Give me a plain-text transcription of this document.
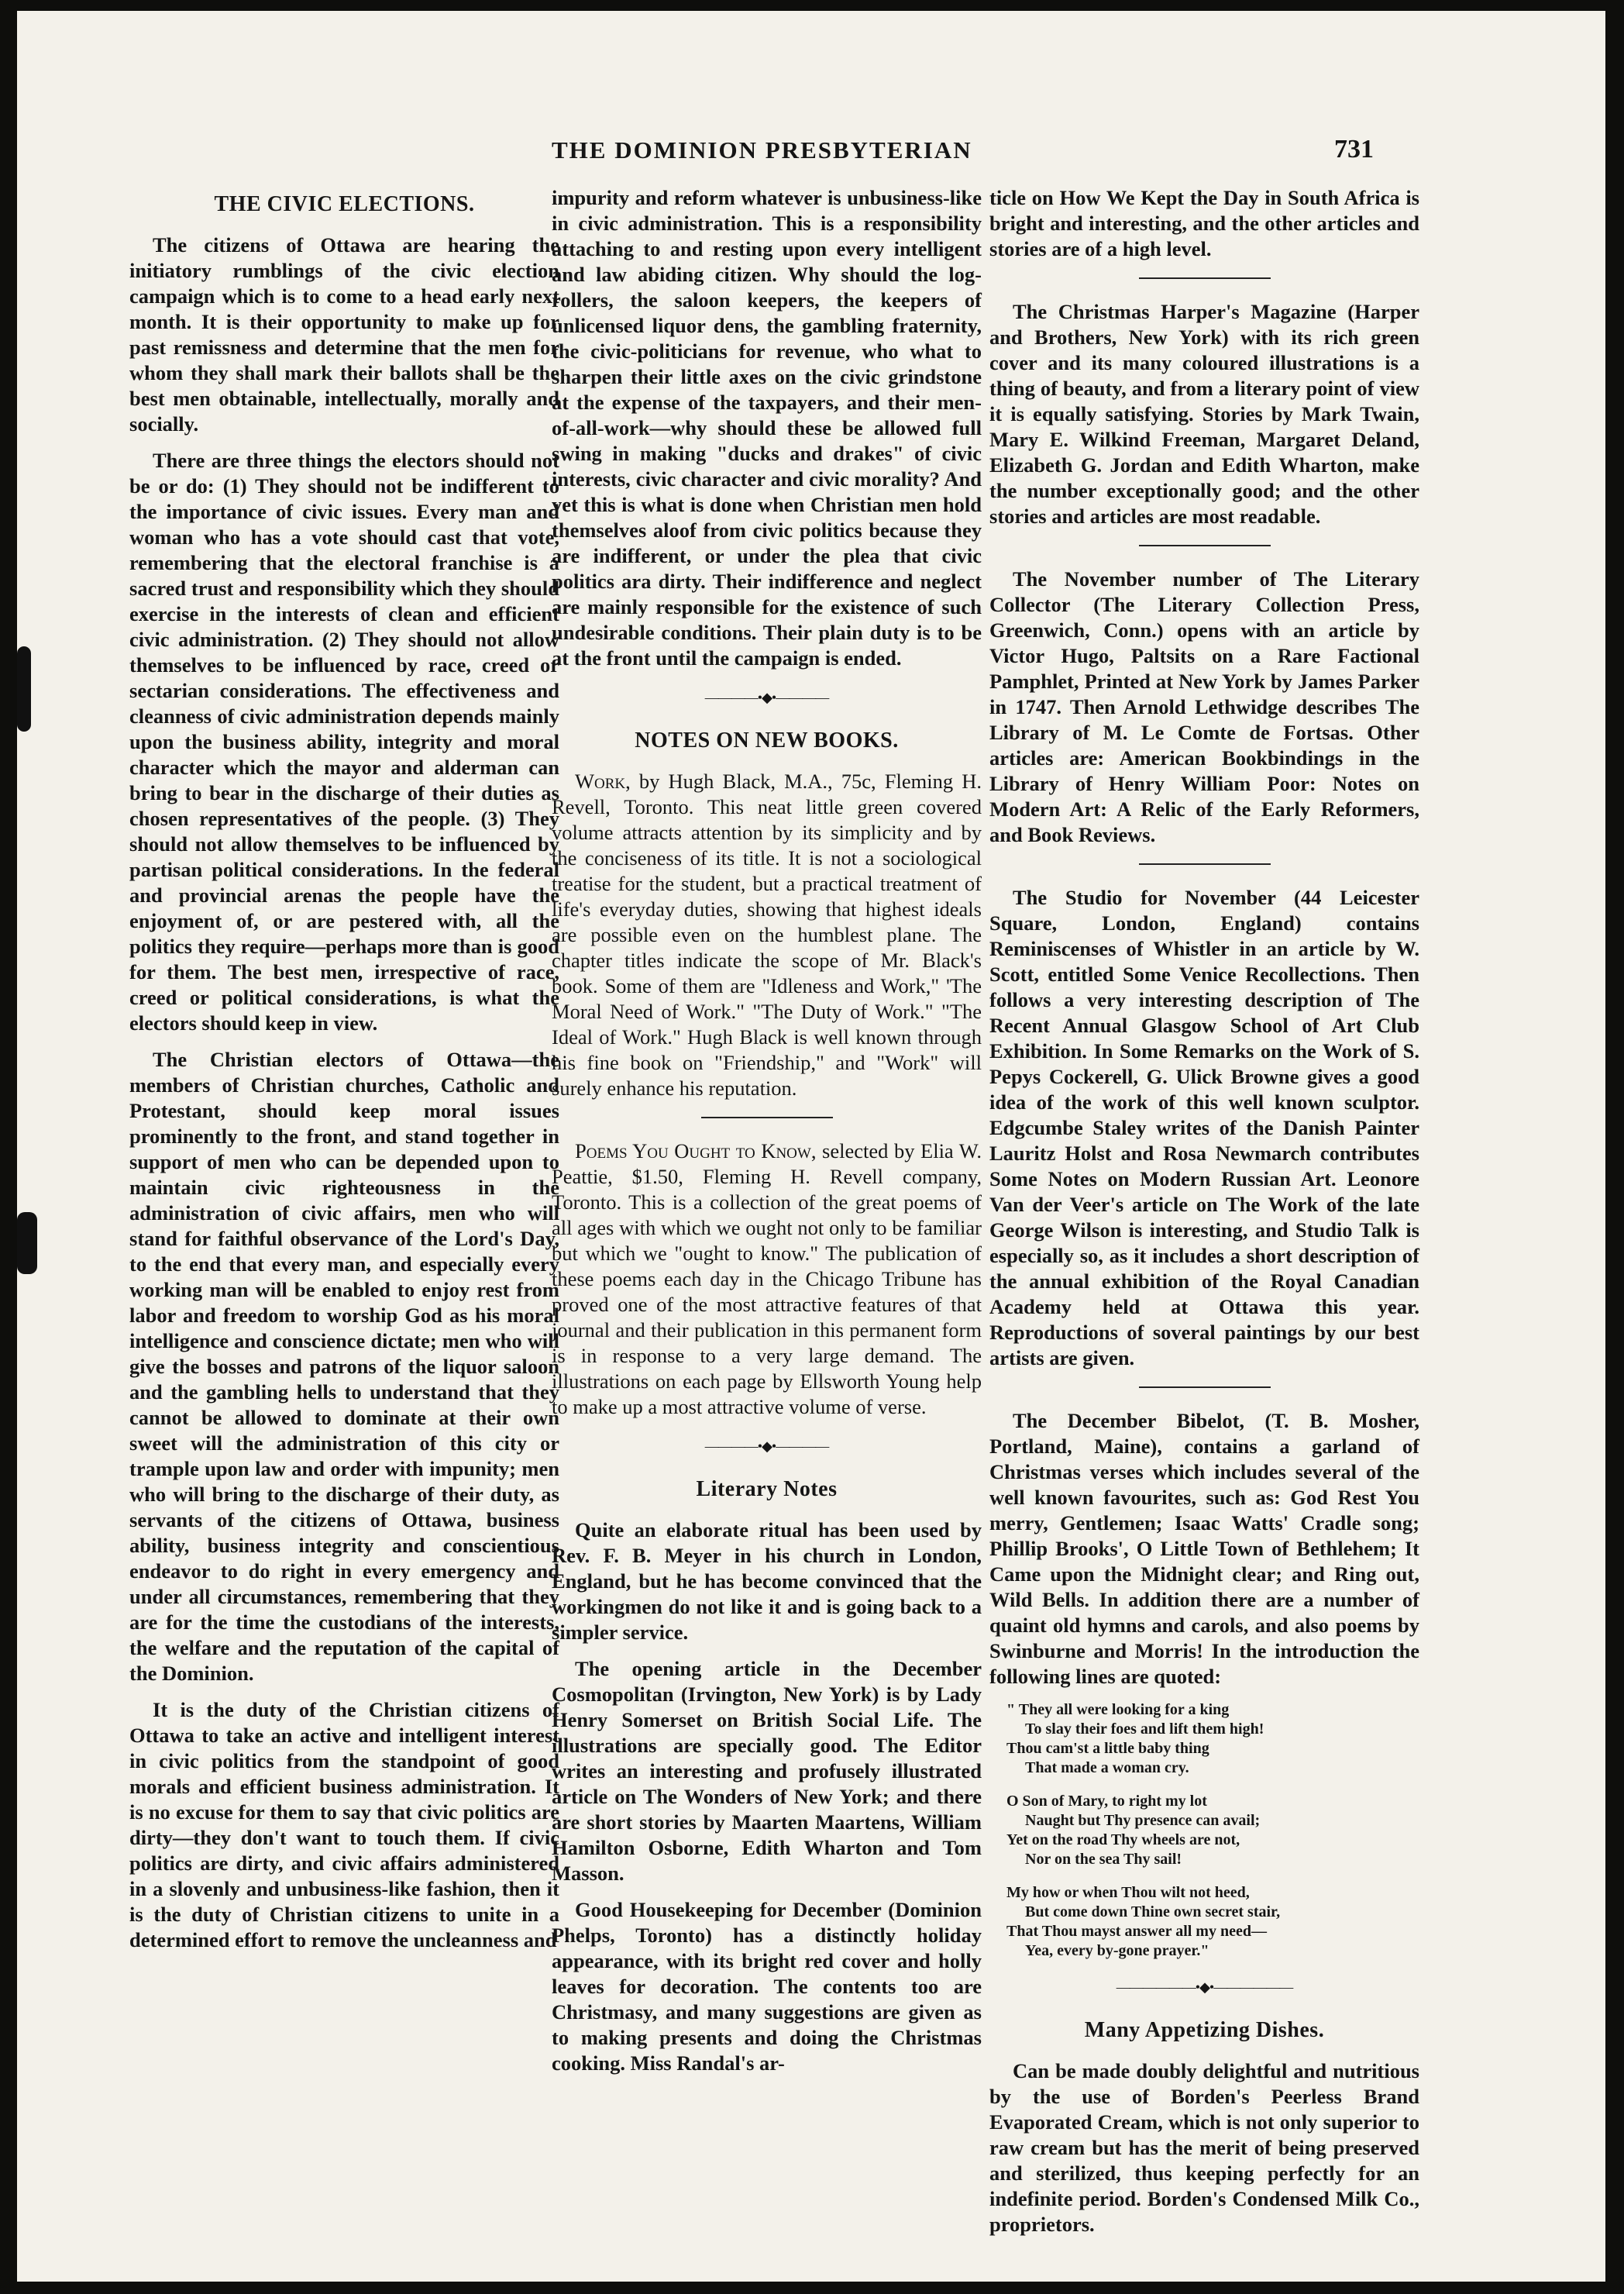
THE DOMINION PRESBYTERIAN	731
THE CIVIC ELECTIONS.

The citizens of Ottawa are hearing the initiatory rumblings of the civic election campaign which is to come to a head early next month. It is their opportunity to make up for past remissness and determine that the men for whom they shall mark their ballots shall be the best men obtainable, intellectually, morally and socially.

There are three things the electors should not be or do: (1) They should not be indifferent to the importance of civic issues. Every man and woman who has a vote should cast that vote, remembering that the electoral franchise is a sacred trust and responsibility which they should exercise in the interests of clean and efficient civic administration. (2) They should not allow themselves to be influenced by race, creed or sectarian considerations. The effectiveness and cleanness of civic administration depends mainly upon the business ability, integrity and moral character which the mayor and alderman can bring to bear in the discharge of their duties as chosen representatives of the people. (3) They should not allow themselves to be influenced by partisan political considerations. In the federal and provincial arenas the people have the enjoyment of, or are pestered with, all the politics they require—perhaps more than is good for them. The best men, irrespective of race, creed or political considerations, is what the electors should keep in view.

The Christian electors of Ottawa—the members of Christian churches, Catholic and Protestant, should keep moral issues prominently to the front, and stand together in support of men who can be depended upon to maintain civic righteousness in the administration of civic affairs, men who will stand for faithful observance of the Lord's Day, to the end that every man, and especially every working man will be enabled to enjoy rest from labor and freedom to worship God as his moral intelligence and conscience dictate; men who will give the bosses and patrons of the liquor saloon and the gambling hells to understand that they cannot be allowed to dominate at their own sweet will the administration of this city or trample upon law and order with impunity; men who will bring to the discharge of their duty, as servants of the citizens of Ottawa, business ability, business integrity and conscientious endeavor to do right in every emergency and under all circumstances, remembering that they are for the time the custodians of the interests, the welfare and the reputation of the capital of the Dominion.

It is the duty of the Christian citizens of Ottawa to take an active and intelligent interest in civic politics from the standpoint of good morals and efficient business administration. It is no excuse for them to say that civic politics are dirty—they don't want to touch them. If civic politics are dirty, and civic affairs administered in a slovenly and unbusiness-like fashion, then it is the duty of Christian citizens to unite in a determined effort to remove the uncleanness and

impurity and reform whatever is unbusiness-like in civic administration. This is a responsibility attaching to and resting upon every intelligent and law abiding citizen. Why should the log-rollers, the saloon keepers, the keepers of unlicensed liquor dens, the gambling fraternity, the civic-politicians for revenue, who what to sharpen their little axes on the civic grindstone at the expense of the taxpayers, and their men-of-all-work—why should these be allowed full swing in making "ducks and drakes" of civic interests, civic character and civic morality? And yet this is what is done when Christian men hold themselves aloof from civic politics because they are indifferent, or under the plea that civic politics ara dirty. Their indifference and neglect are mainly responsible for the existence of such undesirable conditions. Their plain duty is to be at the front until the campaign is ended.

————•◆•————
NOTES ON NEW BOOKS.

Work, by Hugh Black, M.A., 75c, Fleming H. Revell, Toronto. This neat little green covered volume attracts attention by its simplicity and by the conciseness of its title. It is not a sociological treatise for the student, but a practical treatment of life's everyday duties, showing that highest ideals are possible even on the humblest plane. The chapter titles indicate the scope of Mr. Black's book. Some of them are "Idleness and Work," 'The Moral Need of Work." "The Duty of Work." "The Ideal of Work." Hugh Black is well known through his fine book on "Friendship," and "Work" will surely enhance his reputation.

Poems You Ought to Know, selected by Elia W. Peattie, $1.50, Fleming H. Revell company, Toronto. This is a collection of the great poems of all ages with which we ought not only to be familiar but which we "ought to know." The publication of these poems each day in the Chicago Tribune has proved one of the most attractive features of that journal and their publication in this permanent form is in response to a very large demand. The illustrations on each page by Ellsworth Young help to make up a most attractive volume of verse.

————•◆•————
Literary Notes

Quite an elaborate ritual has been used by Rev. F. B. Meyer in his church in London, England, but he has become convinced that the workingmen do not like it and is going back to a simpler service.

The opening article in the December Cosmopolitan (Irvington, New York) is by Lady Henry Somerset on British Social Life. The illustrations are specially good. The Editor writes an interesting and profusely illustrated article on The Wonders of New York; and there are short stories by Maarten Maartens, William Hamilton Osborne, Edith Wharton and Tom Masson.

Good Housekeeping for December (Dominion Phelps, Toronto) has a distinctly holiday appearance, with its bright red cover and holly leaves for decoration. The contents too are Christmasy, and many suggestions are given as to making presents and doing the Christmas cooking. Miss Randal's ar-

ticle on How We Kept the Day in South Africa is bright and interesting, and the other articles and stories are of a high level.

The Christmas Harper's Magazine (Harper and Brothers, New York) with its rich green cover and its many coloured illustrations is a thing of beauty, and from a literary point of view it is equally satisfying. Stories by Mark Twain, Mary E. Wilkind Freeman, Margaret Deland, Elizabeth G. Jordan and Edith Wharton, make the number exceptionally good; and the other stories and articles are most readable.

The November number of The Literary Collector (The Literary Collection Press, Greenwich, Conn.) opens with an article by Victor Hugo, Paltsits on a Rare Factional Pamphlet, Printed at New York by James Parker in 1747. Then Arnold Lethwidge describes The Library of M. Le Comte de Fortsas. Other articles are: American Bookbindings in the Library of Henry William Poor: Notes on Modern Art: A Relic of the Early Reformers, and Book Reviews.

The Studio for November (44 Leicester Square, London, England) contains Reminiscenses of Whistler in an article by W. Scott, entitled Some Venice Recollections. Then follows a very interesting description of The Recent Annual Glasgow School of Art Club Exhibition. In Some Remarks on the Work of S. Pepys Cockerell, G. Ulick Browne gives a good idea of the work of this well known sculptor. Edgcumbe Staley writes of the Danish Painter Lauritz Holst and Rosa Newmarch contributes Some Notes on Modern Russian Art. Leonore Van der Veer's article on The Work of the late George Wilson is interesting, and Studio Talk is especially so, as it includes a short description of the annual exhibition of the Royal Canadian Academy held at Ottawa this year. Reproductions of soveral paintings by our best artists are given.

The December Bibelot, (T. B. Mosher, Portland, Maine), contains a garland of Christmas verses which includes several of the well known favourites, such as: God Rest You merry, Gentlemen; Isaac Watts' Cradle song; Phillip Brooks', O Little Town of Bethlehem; It Came upon the Midnight clear; and Ring out, Wild Bells. In addition there are a number of quaint old hymns and carols, and also poems by Swinburne and Morris! In the introduction the following lines are quoted:

" They all were looking for a king
To slay their foes and lift them high!
Thou cam'st a little baby thing
That made a woman cry.
O Son of Mary, to right my lot
Naught but Thy presence can avail;
Yet on the road Thy wheels are not,
Nor on the sea Thy sail!
My how or when Thou wilt not heed,
But come down Thine own secret stair,
That Thou mayst answer all my need—
Yea, every by-gone prayer."
——————•◆•——————
Many Appetizing Dishes.

Can be made doubly delightful and nutritious by the use of Borden's Peerless Brand Evaporated Cream, which is not only superior to raw cream but has the merit of being preserved and sterilized, thus keeping perfectly for an indefinite period. Borden's Condensed Milk Co., proprietors.
